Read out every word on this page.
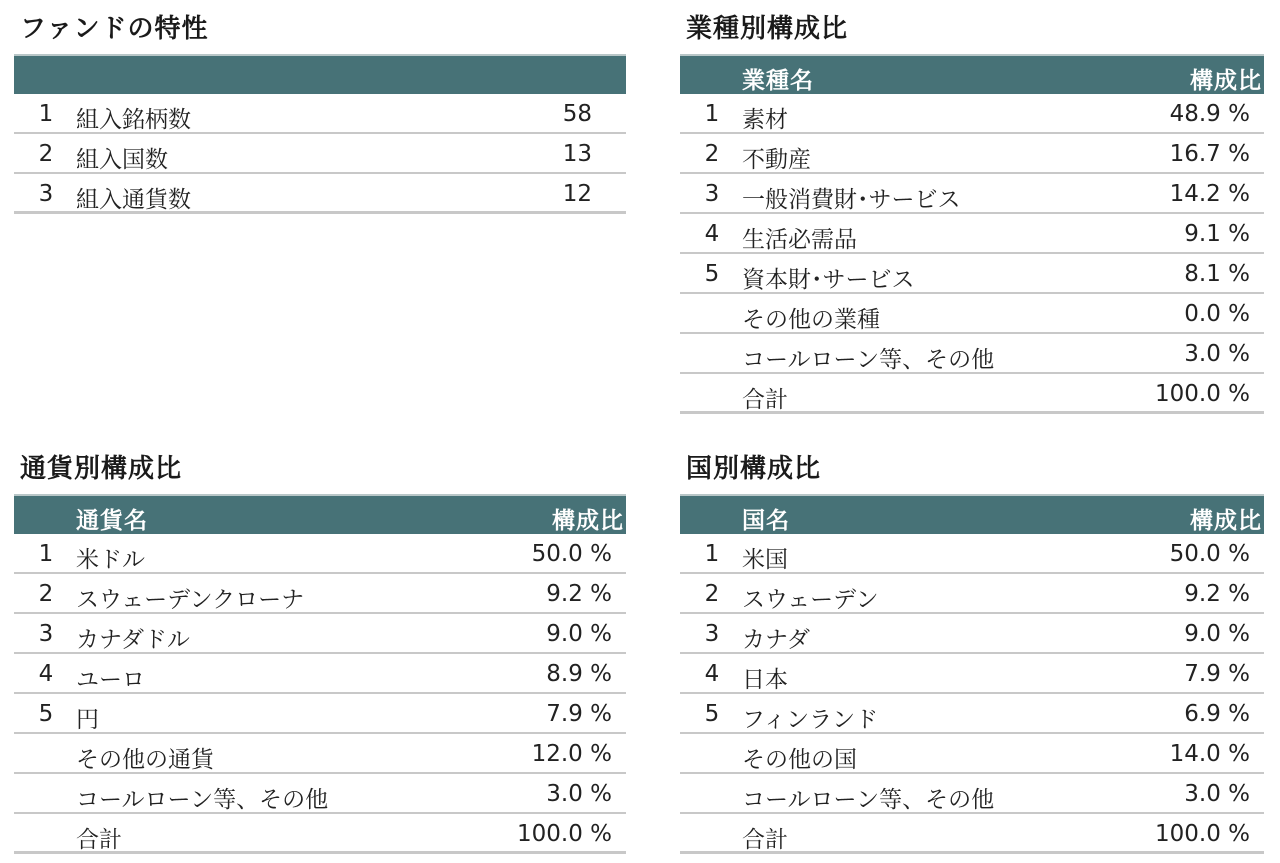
ファンドの特性
1 組入銘柄数	58
2 組入国数	13
3 組入通貨数	12
業種別構成比
業種名	構成比
1 素材	48.9 %
2 不動産	16.7 %
3 一般消費財･サービス	14.2 %
4 生活必需品	9.1 %
5 資本財･サービス	8.1 %
その他の業種	0.0 %
コールローン等、その他	3.0 %
合計	100.0 %
通貨別構成比
通貨名	構成比
1 米ドル	50.0 %
2 スウェーデンクローナ	9.2 %
3 カナダドル	9.0 %
4 ユーロ	8.9 %
5 円	7.9 %
その他の通貨	12.0 %
コールローン等、その他	3.0 %
合計	100.0 %
国別構成比
国名	構成比
1 米国	50.0 %
2 スウェーデン	9.2 %
3 カナダ	9.0 %
4 日本	7.9 %
5 フィンランド	6.9 %
その他の国	14.0 %
コールローン等、その他	3.0 %
合計	100.0 %
